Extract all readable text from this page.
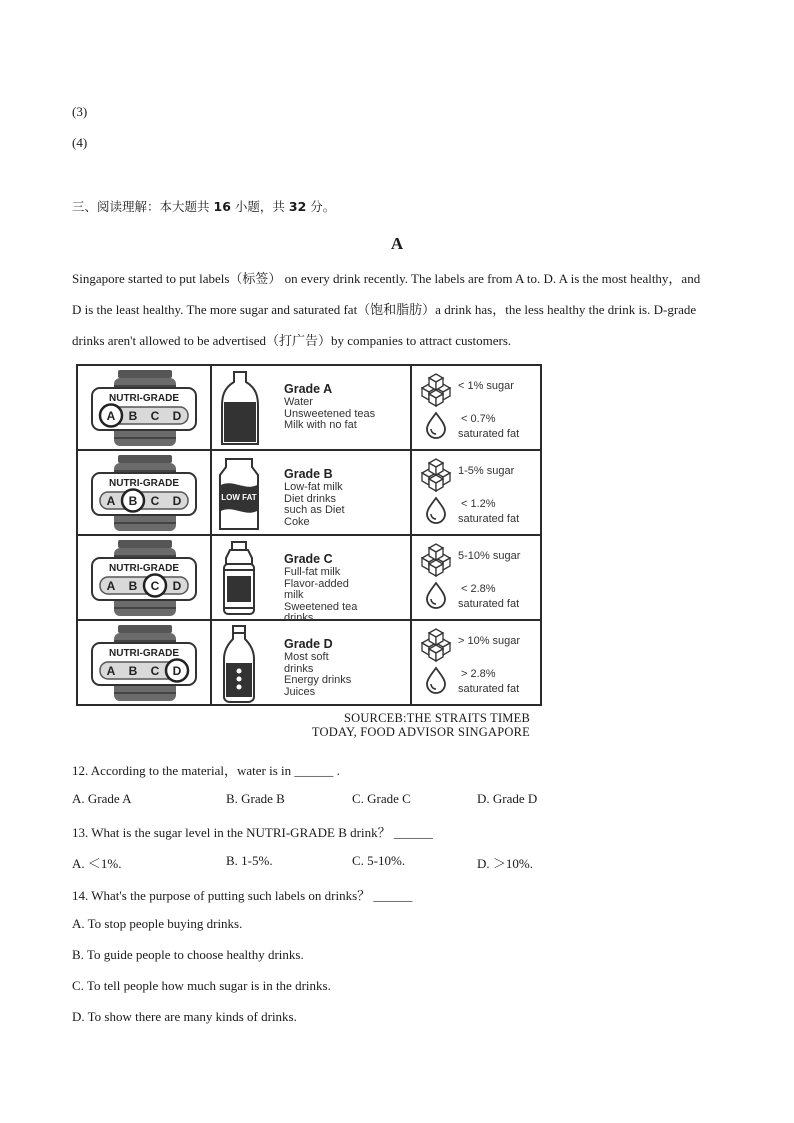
(3)
(4)
三、阅读理解：本大题共 16 小题，共 32 分。
A
Singapore started to put labels（标签） on every drink recently. The labels are from A to. D. A is the most healthy，and D is the least healthy. The more sugar and saturated fat（饱和脂肪）a drink has，the less healthy the drink is. D-grade drinks aren't allowed to be advertised（打广告）by companies to attract customers.
NUTRI-GRADE
A B C D
Grade A
Water
Unsweetened teas
Milk with no fat
< 1% sugar
< 0.7%
saturated fat
NUTRI-GRADE
A B C D	LOW FAT
Grade B
Low-fat milk
Diet drinks
such as Diet
Coke
1-5% sugar
< 1.2%
saturated fat
NUTRI-GRADE
A B C D
Grade C
Full-fat milk
Flavor-added
milk
Sweetened tea
drinks
5-10% sugar
< 2.8%
saturated fat
NUTRI-GRADE
A B C D
Grade D
Most soft
drinks
Energy drinks
Juices
> 10% sugar
> 2.8%
saturated fat
SOURCEB:THE STRAITS TIMEB
TODAY, FOOD ADVISOR SINGAPORE
12. According to the material，water is in ______ .
A. Grade A	B. Grade B	C. Grade C	D. Grade D
13. What is the sugar level in the NUTRI-GRADE B drink？ ______
A. ＜1%.	B. 1-5%.	C. 5-10%.	D. ＞10%.
14. What's the purpose of putting such labels on drinks？ ______
A. To stop people buying drinks.
B. To guide people to choose healthy drinks.
C. To tell people how much sugar is in the drinks.
D. To show there are many kinds of drinks.
